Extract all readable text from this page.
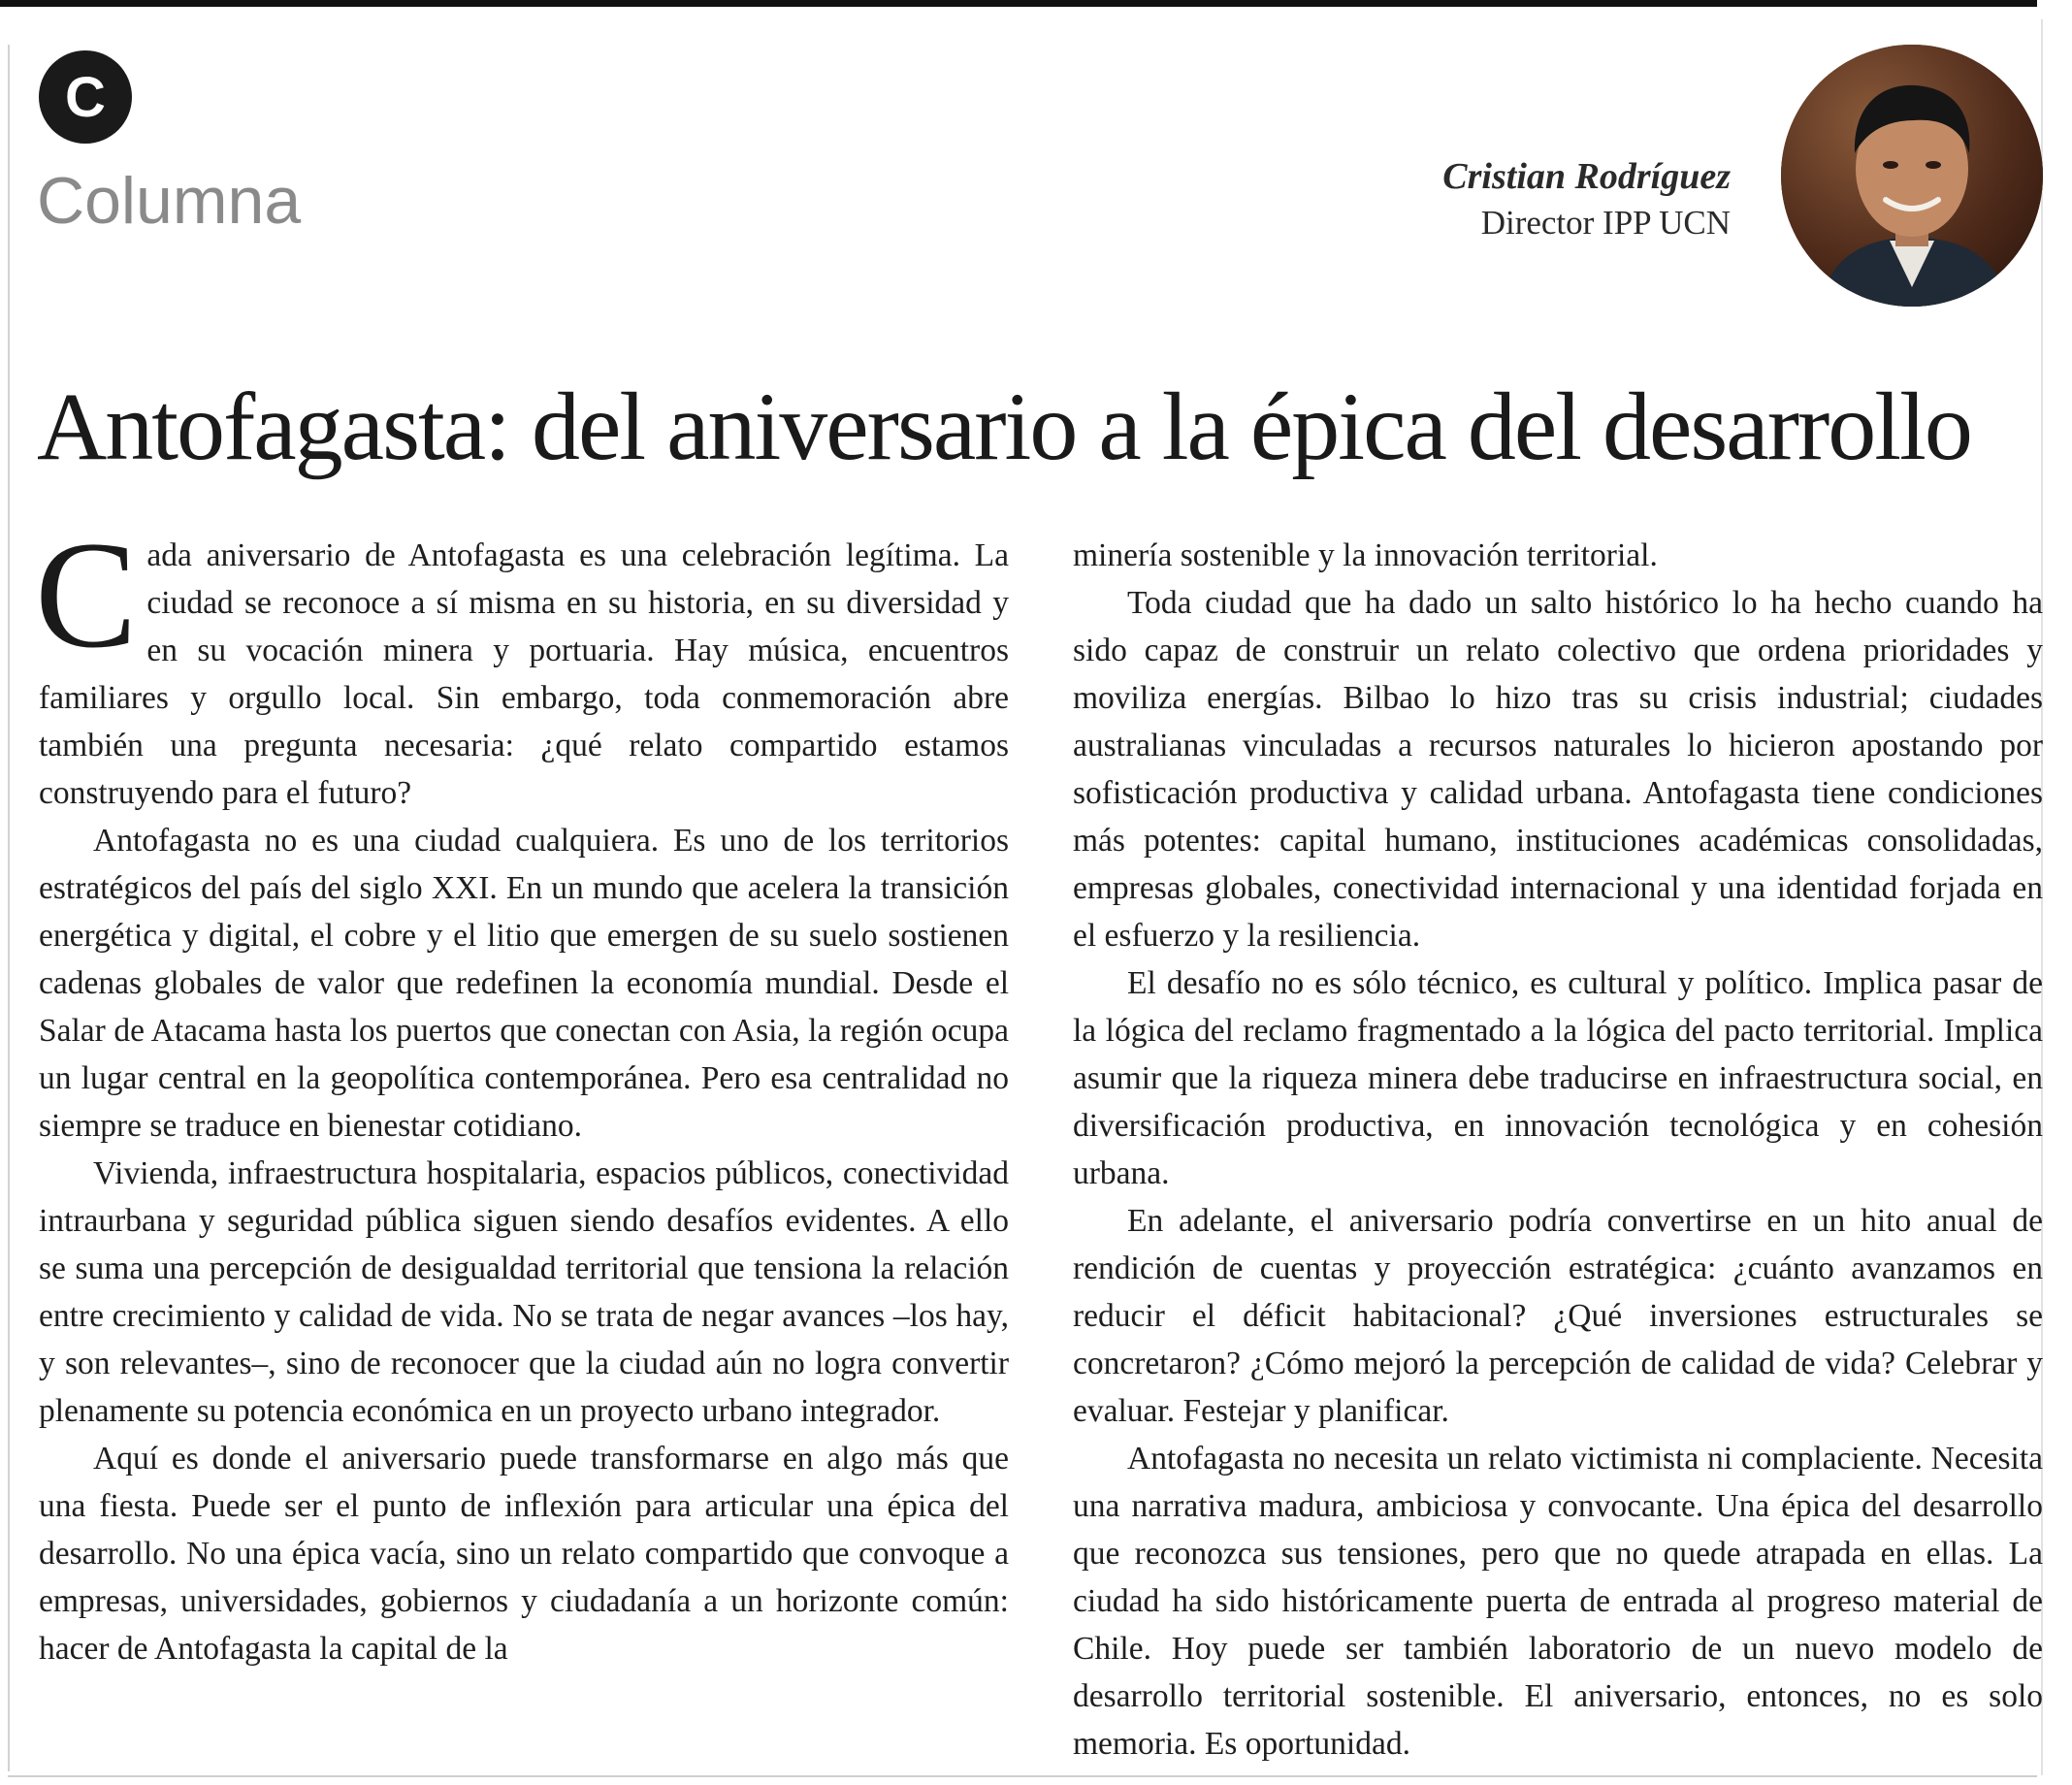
C
Columna	Cristian Rodríguez
Director IPP UCN
Antofagasta: del aniversario a la épica del desarrollo

Cada aniversario de Antofagasta es una celebración legítima. La ciudad se reconoce a sí misma en su historia, en su diversidad y en su vocación minera y portuaria. Hay música, encuentros familiares y orgullo local. Sin embargo, toda conmemoración abre también una pregunta necesaria: ¿qué relato compartido estamos construyendo para el futuro?

Antofagasta no es una ciudad cualquiera. Es uno de los territorios estratégicos del país del siglo XXI. En un mundo que acelera la transición energética y digital, el cobre y el litio que emergen de su suelo sostienen cadenas globales de valor que redefinen la economía mundial. Desde el Salar de Atacama hasta los puertos que conectan con Asia, la región ocupa un lugar central en la geopolítica contemporánea. Pero esa centralidad no siempre se traduce en bienestar cotidiano.

Vivienda, infraestructura hospitalaria, espacios públicos, conectividad intraurbana y seguridad pública siguen siendo desafíos evidentes. A ello se suma una percepción de desigualdad territorial que tensiona la relación entre crecimiento y calidad de vida. No se trata de negar avances –los hay, y son relevantes–, sino de reconocer que la ciudad aún no logra convertir plenamente su potencia económica en un proyecto urbano integrador.

Aquí es donde el aniversario puede transformarse en algo más que una fiesta. Puede ser el punto de inflexión para articular una épica del desarrollo. No una épica vacía, sino un relato compartido que convoque a empresas, universidades, gobiernos y ciudadanía a un horizonte común: hacer de Antofagasta la capital de la

minería sostenible y la innovación territorial.

Toda ciudad que ha dado un salto histórico lo ha hecho cuando ha sido capaz de construir un relato colectivo que ordena prioridades y moviliza energías. Bilbao lo hizo tras su crisis industrial; ciudades australianas vinculadas a recursos naturales lo hicieron apostando por sofisticación productiva y calidad urbana. Antofagasta tiene condiciones más potentes: capital humano, instituciones académicas consolidadas, empresas globales, conectividad internacional y una identidad forjada en el esfuerzo y la resiliencia.

El desafío no es sólo técnico, es cultural y político. Implica pasar de la lógica del reclamo fragmentado a la lógica del pacto territorial. Implica asumir que la riqueza minera debe traducirse en infraestructura social, en diversificación productiva, en innovación tecnológica y en cohesión urbana.

En adelante, el aniversario podría convertirse en un hito anual de rendición de cuentas y proyección estratégica: ¿cuánto avanzamos en reducir el déficit habitacional? ¿Qué inversiones estructurales se concretaron? ¿Cómo mejoró la percepción de calidad de vida? Celebrar y evaluar. Festejar y planificar.

Antofagasta no necesita un relato victimista ni complaciente. Necesita una narrativa madura, ambiciosa y convocante. Una épica del desarrollo que reconozca sus tensiones, pero que no quede atrapada en ellas. La ciudad ha sido históricamente puerta de entrada al progreso material de Chile. Hoy puede ser también laboratorio de un nuevo modelo de desarrollo territorial sostenible. El aniversario, entonces, no es solo memoria. Es oportunidad.
